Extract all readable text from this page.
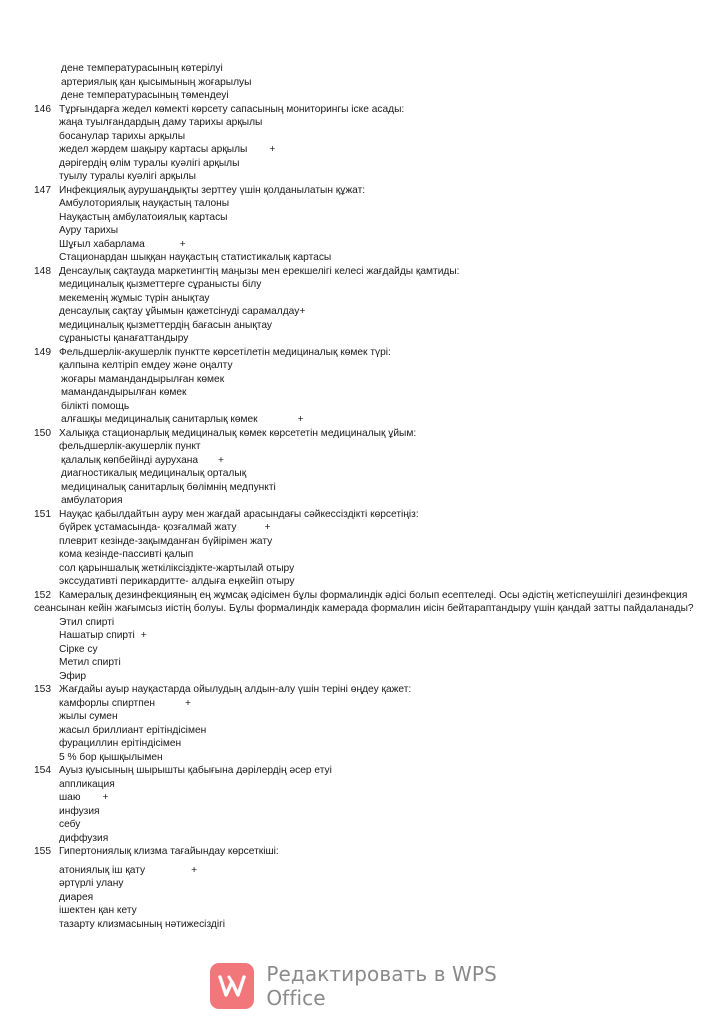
дене температурасының көтерілуі
артериялық қан қысымының жоғарылуы
дене температурасының төмендеуі
146 Тұрғындарға жедел көмекті көрсету сапасының мониторингы іске асады:
жаңа туылғандардың даму тарихы арқылы
босанулар тарихы арқылы
жедел жәрдем шақыру картасы арқылы +
дәрігердің өлім туралы куәлігі арқылы
туылу туралы куәлігі арқылы
147 Инфекциялық аурушаңдықты зерттеу үшін қолданылатын құжат:
Амбулоториялық науқастың талоны
Науқастың амбулатоиялық картасы
Ауру тарихы
Шұғыл хабарлама	+
Стационардан шыққан науқастың статистикалық картасы
148 Денсаулық сақтауда маркетингтің маңызы мен ерекшелігі келесі жағдайды қамтиды:
медициналық қызметтерге сұранысты білу
мекеменің жұмыс түрін анықтау
денсаулық сақтау ұйымын қажетсінуді сарамалдау+
медициналық қызметтердің бағасын анықтау
сұранысты қанағаттандыру
149 Фельдшерлік-акушерлік пунктте көрсетілетін медициналық көмек түрі:
қалпына келтіріп емдеу және оңалту
жоғары мамандандырылған көмек
мамандандырылған көмек
білікті помощь
алғашқы медициналық санитарлық көмек	+
150 Халыққа стационарлық медициналық көмек көрсететін медициналық ұйым:
фельдшерлік-акушерлік пункт
қалалық көпбейінді аурухана +
диагностикалық медициналық орталық
медициналық санитарлық бөлімнің медпункті
амбулатория
151 Науқас қабылдайтын ауру мен жағдай арасындағы сәйкессіздікті көрсетіңіз:
бүйрек ұстамасында- қозғалмай жату	+
плеврит кезінде-зақымданған бүйірімен жату
кома кезінде-пассивті қалып
сол қарыншалық жеткіліксіздікте-жартылай отыру
экссудативті перикардитте- алдыға еңкейіп отыру
152 Камералық дезинфекцияның ең жұмсақ әдісімен бұлы формалиндік әдісі болып есептеледі. Осы әдістің жетіспеушілігі дезинфекция сеансынан кейін жағымсыз иістің болуы. Бұлы формалиндік камерада формалин иісін бейтараптандыру үшін қандай затты пайдаланады?
Этил спирті
Нашатыр спирті +
Сірке су
Метил спирті
Эфир
153 Жағдайы ауыр науқастарда ойылудың алдын-алу үшін теріні өңдеу қажет:
камфорлы спиртпен	+
жылы сумен
жасыл бриллиант ерітіндісімен
фурациллин ерітіндісімен
5 % бор қышқылымен
154 Ауыз қуысының шырышты қабығына дәрілердің әсер етуі
аппликация
шаю +
инфузия
себу
диффузия
155 Гипертониялық клизма тағайындау көрсеткіші:
атониялық іш қату	+
әртүрлі улану
диарея
ішектен қан кету
тазарту клизмасының нәтижесіздігі
Редактировать в WPS Office
